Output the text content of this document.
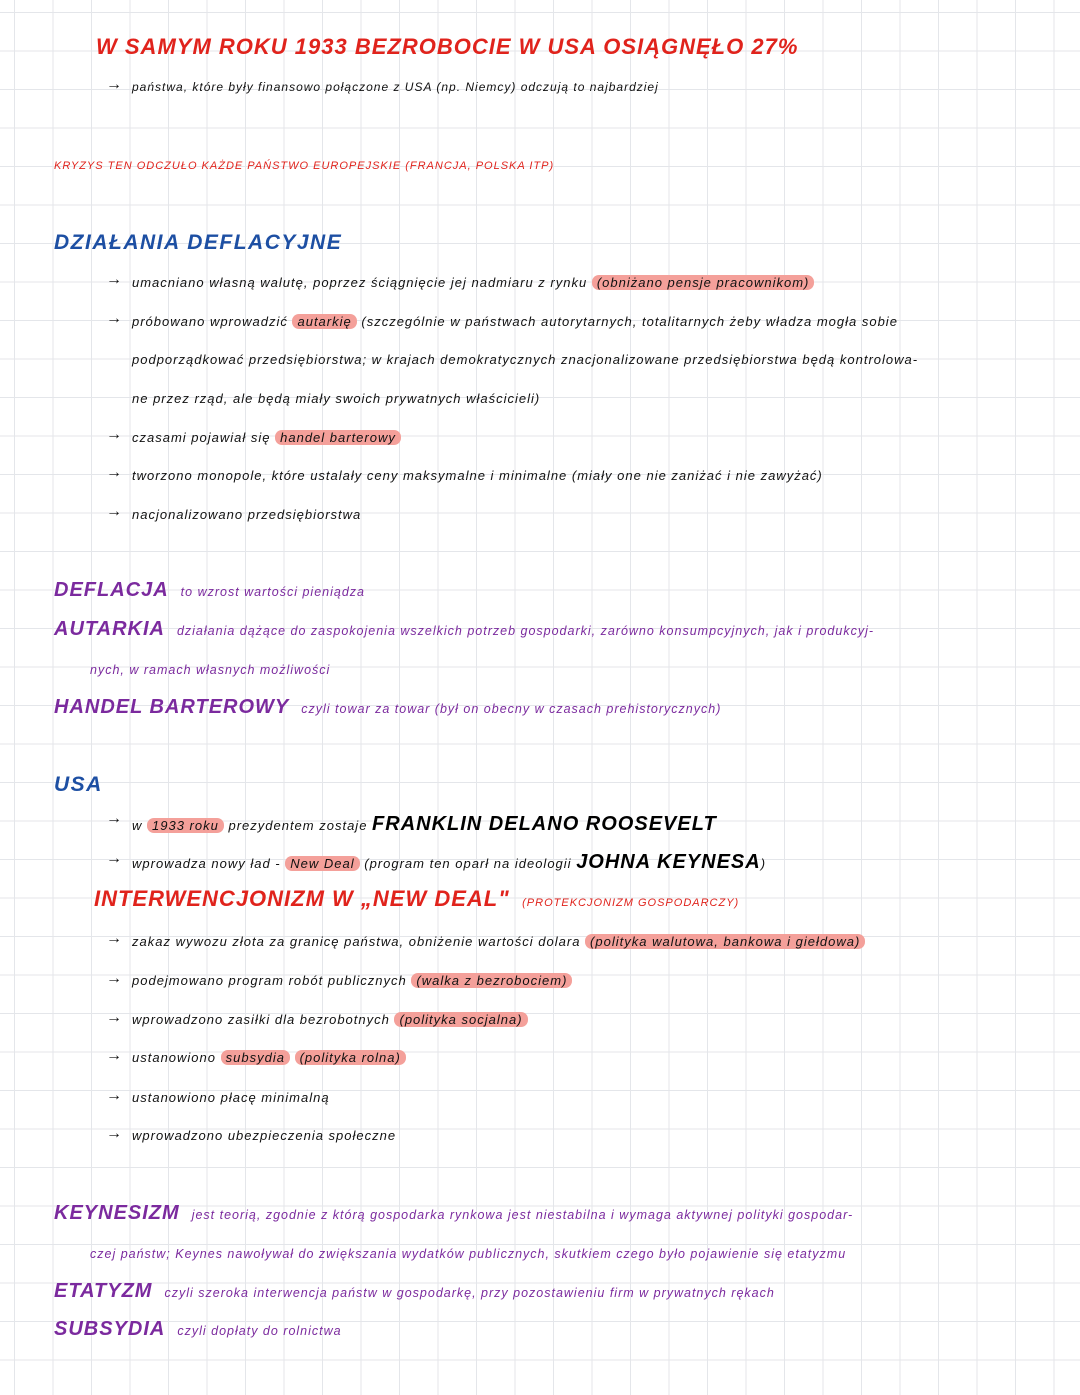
W SAMYM ROKU 1933 BEZROBOCIE W USA OSIĄGNĘŁO 27%
→ państwa, które były finansowo połączone z USA (np. Niemcy) odczują to najbardziej
KRYZYS TEN ODCZUŁO KAŻDE PAŃSTWO EUROPEJSKIE (FRANCJA, POLSKA ITP)
DZIAŁANIA DEFLACYJNE
→ umacniano własną walutę, poprzez ściągnięcie jej nadmiaru z rynku (obniżano pensje pracownikom)
→ próbowano wprowadzić autarkię (szczególnie w państwach autorytarnych, totalitarnych żeby władza mogła sobie
podporządkować przedsiębiorstwa; w krajach demokratycznych znacjonalizowane przedsiębiorstwa będą kontrolowa-
ne przez rząd, ale będą miały swoich prywatnych właścicieli)
→ czasami pojawiał się handel barterowy
→ tworzono monopole, które ustalały ceny maksymalne i minimalne (miały one nie zaniżać i nie zawyżać)
→ nacjonalizowano przedsiębiorstwa
DEFLACJA to wzrost wartości pieniądza
AUTARKIA działania dążące do zaspokojenia wszelkich potrzeb gospodarki, zarówno konsumpcyjnych, jak i produkcyj-
nych, w ramach własnych możliwości
HANDEL BARTEROWY czyli towar za towar (był on obecny w czasach prehistorycznych)
USA
→ w 1933 roku prezydentem zostaje FRANKLIN DELANO ROOSEVELT
→ wprowadza nowy ład - New Deal (program ten oparł na ideologii JOHNA KEYNESA)
INTERWENCJONIZM W „NEW DEAL" (PROTEKCJONIZM GOSPODARCZY)
→ zakaz wywozu złota za granicę państwa, obniżenie wartości dolara (polityka walutowa, bankowa i giełdowa)
→ podejmowano program robót publicznych (walka z bezrobociem)
→ wprowadzono zasiłki dla bezrobotnych (polityka socjalna)
→ ustanowiono subsydia (polityka rolna)
→ ustanowiono płacę minimalną
→ wprowadzono ubezpieczenia społeczne
KEYNESIZM jest teorią, zgodnie z którą gospodarka rynkowa jest niestabilna i wymaga aktywnej polityki gospodar-
czej państw; Keynes nawoływał do zwiększania wydatków publicznych, skutkiem czego było pojawienie się etatyzmu
ETATYZM czyli szeroka interwencja państw w gospodarkę, przy pozostawieniu firm w prywatnych rękach
SUBSYDIA czyli dopłaty do rolnictwa
